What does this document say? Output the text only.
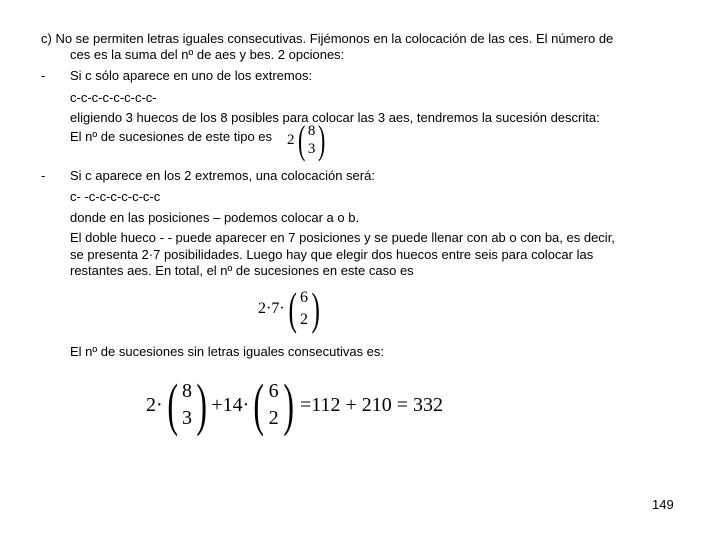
c) No se permiten letras iguales consecutivas. Fijémonos en la colocación de las ces. El número de
ces es la suma del nº de aes y bes. 2 opciones:
- Si c sólo aparece en uno de los extremos:
c-c-c-c-c-c-c-c-
eligiendo 3 huecos de los 8 posibles para colocar las 3 aes, tendremos la sucesión descrita:
El nº de sucesiones de este tipo es 2 ( 8
3 )
- Si c aparece en los 2 extremos, una colocación será:
c- -c-c-c-c-c-c-c
donde en las posiciones – podemos colocar a o b.
El doble hueco - - puede aparecer en 7 posiciones y se puede llenar con ab o con ba, es decir,
se presenta 2·7 posibilidades. Luego hay que elegir dos huecos entre seis para colocar las
restantes aes. En total, el nº de sucesiones en este caso es
2·7· ( 6
2 )
El nº de sucesiones sin letras iguales consecutivas es:
2· ( 8
3 ) +14· ( 6
2 ) =112 + 210 = 332
149
